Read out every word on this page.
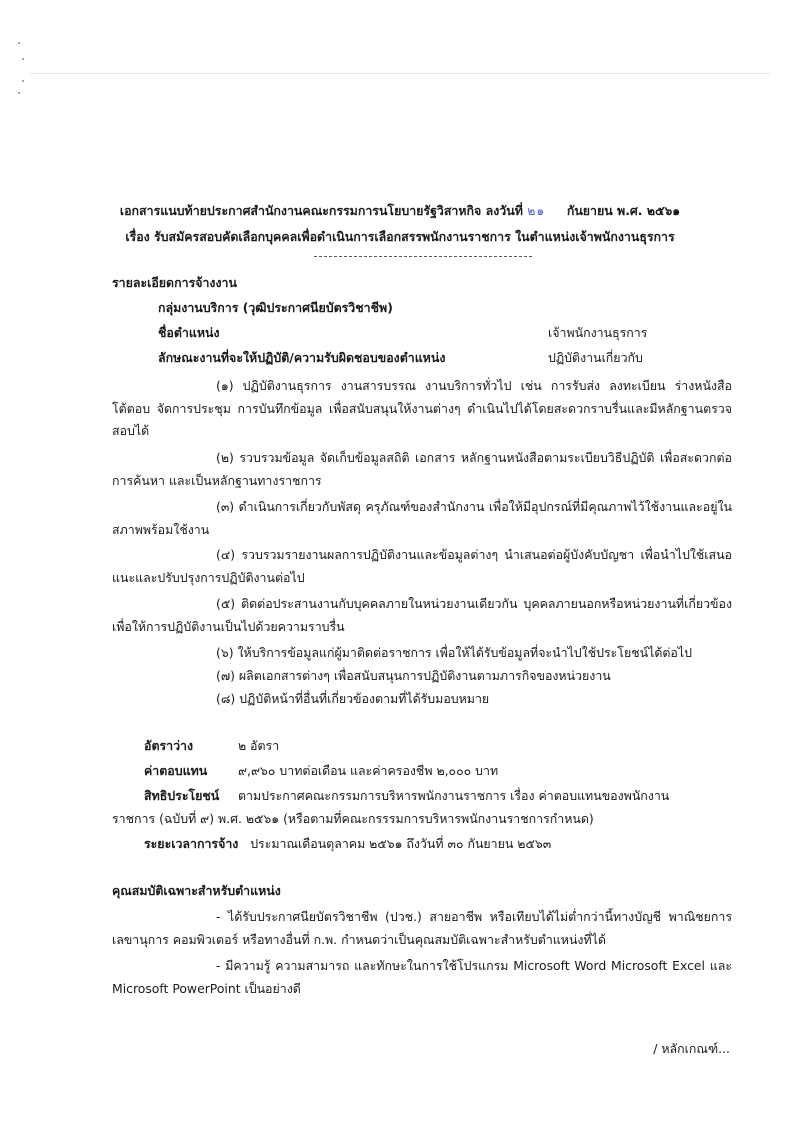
เอกสารแนบท้ายประกาศสำนักงานคณะกรรมการนโยบายรัฐวิสาหกิจ ลงวันที่ ๒๑ กันยายน พ.ศ. ๒๕๖๑
เรื่อง รับสมัครสอบคัดเลือกบุคคลเพื่อดำเนินการเลือกสรรพนักงานราชการ ในตำแหน่งเจ้าพนักงานธุรการ
รายละเอียดการจ้างงาน
กลุ่มงานบริการ (วุฒิประกาศนียบัตรวิชาชีพ)
ชื่อตำแหน่ง	เจ้าพนักงานธุรการ
ลักษณะงานที่จะให้ปฏิบัติ/ความรับผิดชอบของตำแหน่ง	ปฏิบัติงานเกี่ยวกับ
(๑) ปฏิบัติงานธุรการ งานสารบรรณ งานบริการทั่วไป เช่น การรับส่ง ลงทะเบียน ร่างหนังสือโต้ตอบ จัดการประชุม การบันทึกข้อมูล เพื่อสนับสนุนให้งานต่างๆ ดำเนินไปได้โดยสะดวกราบรื่นและมีหลักฐานตรวจสอบได้
(๒) รวบรวมข้อมูล จัดเก็บข้อมูลสถิติ เอกสาร หลักฐานหนังสือตามระเบียบวิธีปฏิบัติ เพื่อสะดวกต่อการค้นหา และเป็นหลักฐานทางราชการ
(๓) ดำเนินการเกี่ยวกับพัสดุ ครุภัณฑ์ของสำนักงาน เพื่อให้มีอุปกรณ์ที่มีคุณภาพไว้ใช้งานและอยู่ในสภาพพร้อมใช้งาน
(๔) รวบรวมรายงานผลการปฏิบัติงานและข้อมูลต่างๆ นำเสนอต่อผู้บังคับบัญชา เพื่อนำไปใช้เสนอแนะและปรับปรุงการปฏิบัติงานต่อไป
(๕) ติดต่อประสานงานกับบุคคลภายในหน่วยงานเดียวกัน บุคคลภายนอกหรือหน่วยงานที่เกี่ยวข้อง เพื่อให้การปฏิบัติงานเป็นไปด้วยความราบรื่น
(๖) ให้บริการข้อมูลแก่ผู้มาติดต่อราชการ เพื่อให้ได้รับข้อมูลที่จะนำไปใช้ประโยชน์ได้ต่อไป
(๗) ผลิตเอกสารต่างๆ เพื่อสนับสนุนการปฏิบัติงานตามภารกิจของหน่วยงาน
(๘) ปฏิบัติหน้าที่อื่นที่เกี่ยวข้องตามที่ได้รับมอบหมาย
อัตราว่าง	๒ อัตรา
ค่าตอบแทน ๙,๙๖๐ บาทต่อเดือน และค่าครองชีพ ๒,๐๐๐ บาท
สิทธิประโยชน์ ตามประกาศคณะกรรมการบริหารพนักงานราชการ เรื่อง ค่าตอบแทนของพนักงาน
ราชการ (ฉบับที่ ๙) พ.ศ. ๒๕๖๑ (หรือตามที่คณะกรรรมการบริหารพนักงานราชการกำหนด)
ระยะเวลาการจ้าง ประมาณเดือนตุลาคม ๒๕๖๑ ถึงวันที่ ๓๐ กันยายน ๒๕๖๓
คุณสมบัติเฉพาะสำหรับตำแหน่ง
- ได้รับประกาศนียบัตรวิชาชีพ (ปวช.) สายอาชีพ หรือเทียบได้ไม่ต่ำกว่านี้ทางบัญชี พาณิชยการ เลขานุการ คอมพิวเตอร์ หรือทางอื่นที่ ก.พ. กำหนดว่าเป็นคุณสมบัติเฉพาะสำหรับตำแหน่งที่ได้
- มีความรู้ ความสามารถ และทักษะในการใช้โปรแกรม Microsoft Word Microsoft Excel และ Microsoft PowerPoint เป็นอย่างดี
/ หลักเกณฑ์...
